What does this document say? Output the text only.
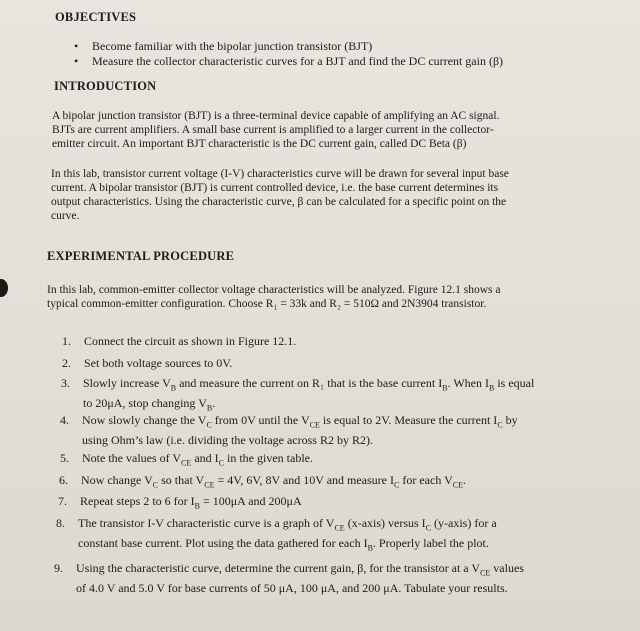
OBJECTIVES
• Become familiar with the bipolar junction transistor (BJT)
• Measure the collector characteristic curves for a BJT and find the DC current gain (β)
INTRODUCTION
A bipolar junction transistor (BJT) is a three-terminal device capable of amplifying an AC signal.
BJTs are current amplifiers. A small base current is amplified to a larger current in the collector-
emitter circuit. An important BJT characteristic is the DC current gain, called DC Beta (β)
In this lab, transistor current voltage (I-V) characteristics curve will be drawn for several input base
current. A bipolar transistor (BJT) is current controlled device, i.e. the base current determines its
output characteristics. Using the characteristic curve, β can be calculated for a specific point on the
curve.
EXPERIMENTAL PROCEDURE
In this lab, common-emitter collector voltage characteristics will be analyzed. Figure 12.1 shows a
typical common-emitter configuration. Choose R₁ = 33k and R₂ = 510Ω and 2N3904 transistor.
1. Connect the circuit as shown in Figure 12.1.
2. Set both voltage sources to 0V.
3. Slowly increase $V_B$ and measure the current on R₁ that is the base current $I_B$. When $I_B$ is equal
to 20μA, stop changing $V_B$.
4. Now slowly change the $V_C$ from 0V until the $V_{CE}$ is equal to 2V. Measure the current $I_C$ by
using Ohm’s law (i.e. dividing the voltage across R2 by R2).
5. Note the values of $V_{CE}$ and $I_C$ in the given table.
6. Now change $V_C$ so that $V_{CE} = 4V$, 6V, 8V and 10V and measure $I_C$ for each $V_{CE}$.
7. Repeat steps 2 to 6 for $I_B = 100\mu A$ and 200μA
8. The transistor I-V characteristic curve is a graph of $V_{CE}$ (x-axis) versus $I_C$ (y-axis) for a
constant base current. Plot using the data gathered for each $I_B$. Properly label the plot.
9. Using the characteristic curve, determine the current gain, β, for the transistor at a $V_{CE}$ values
of 4.0 V and 5.0 V for base currents of 50 μA, 100 μA, and 200 μA. Tabulate your results.
